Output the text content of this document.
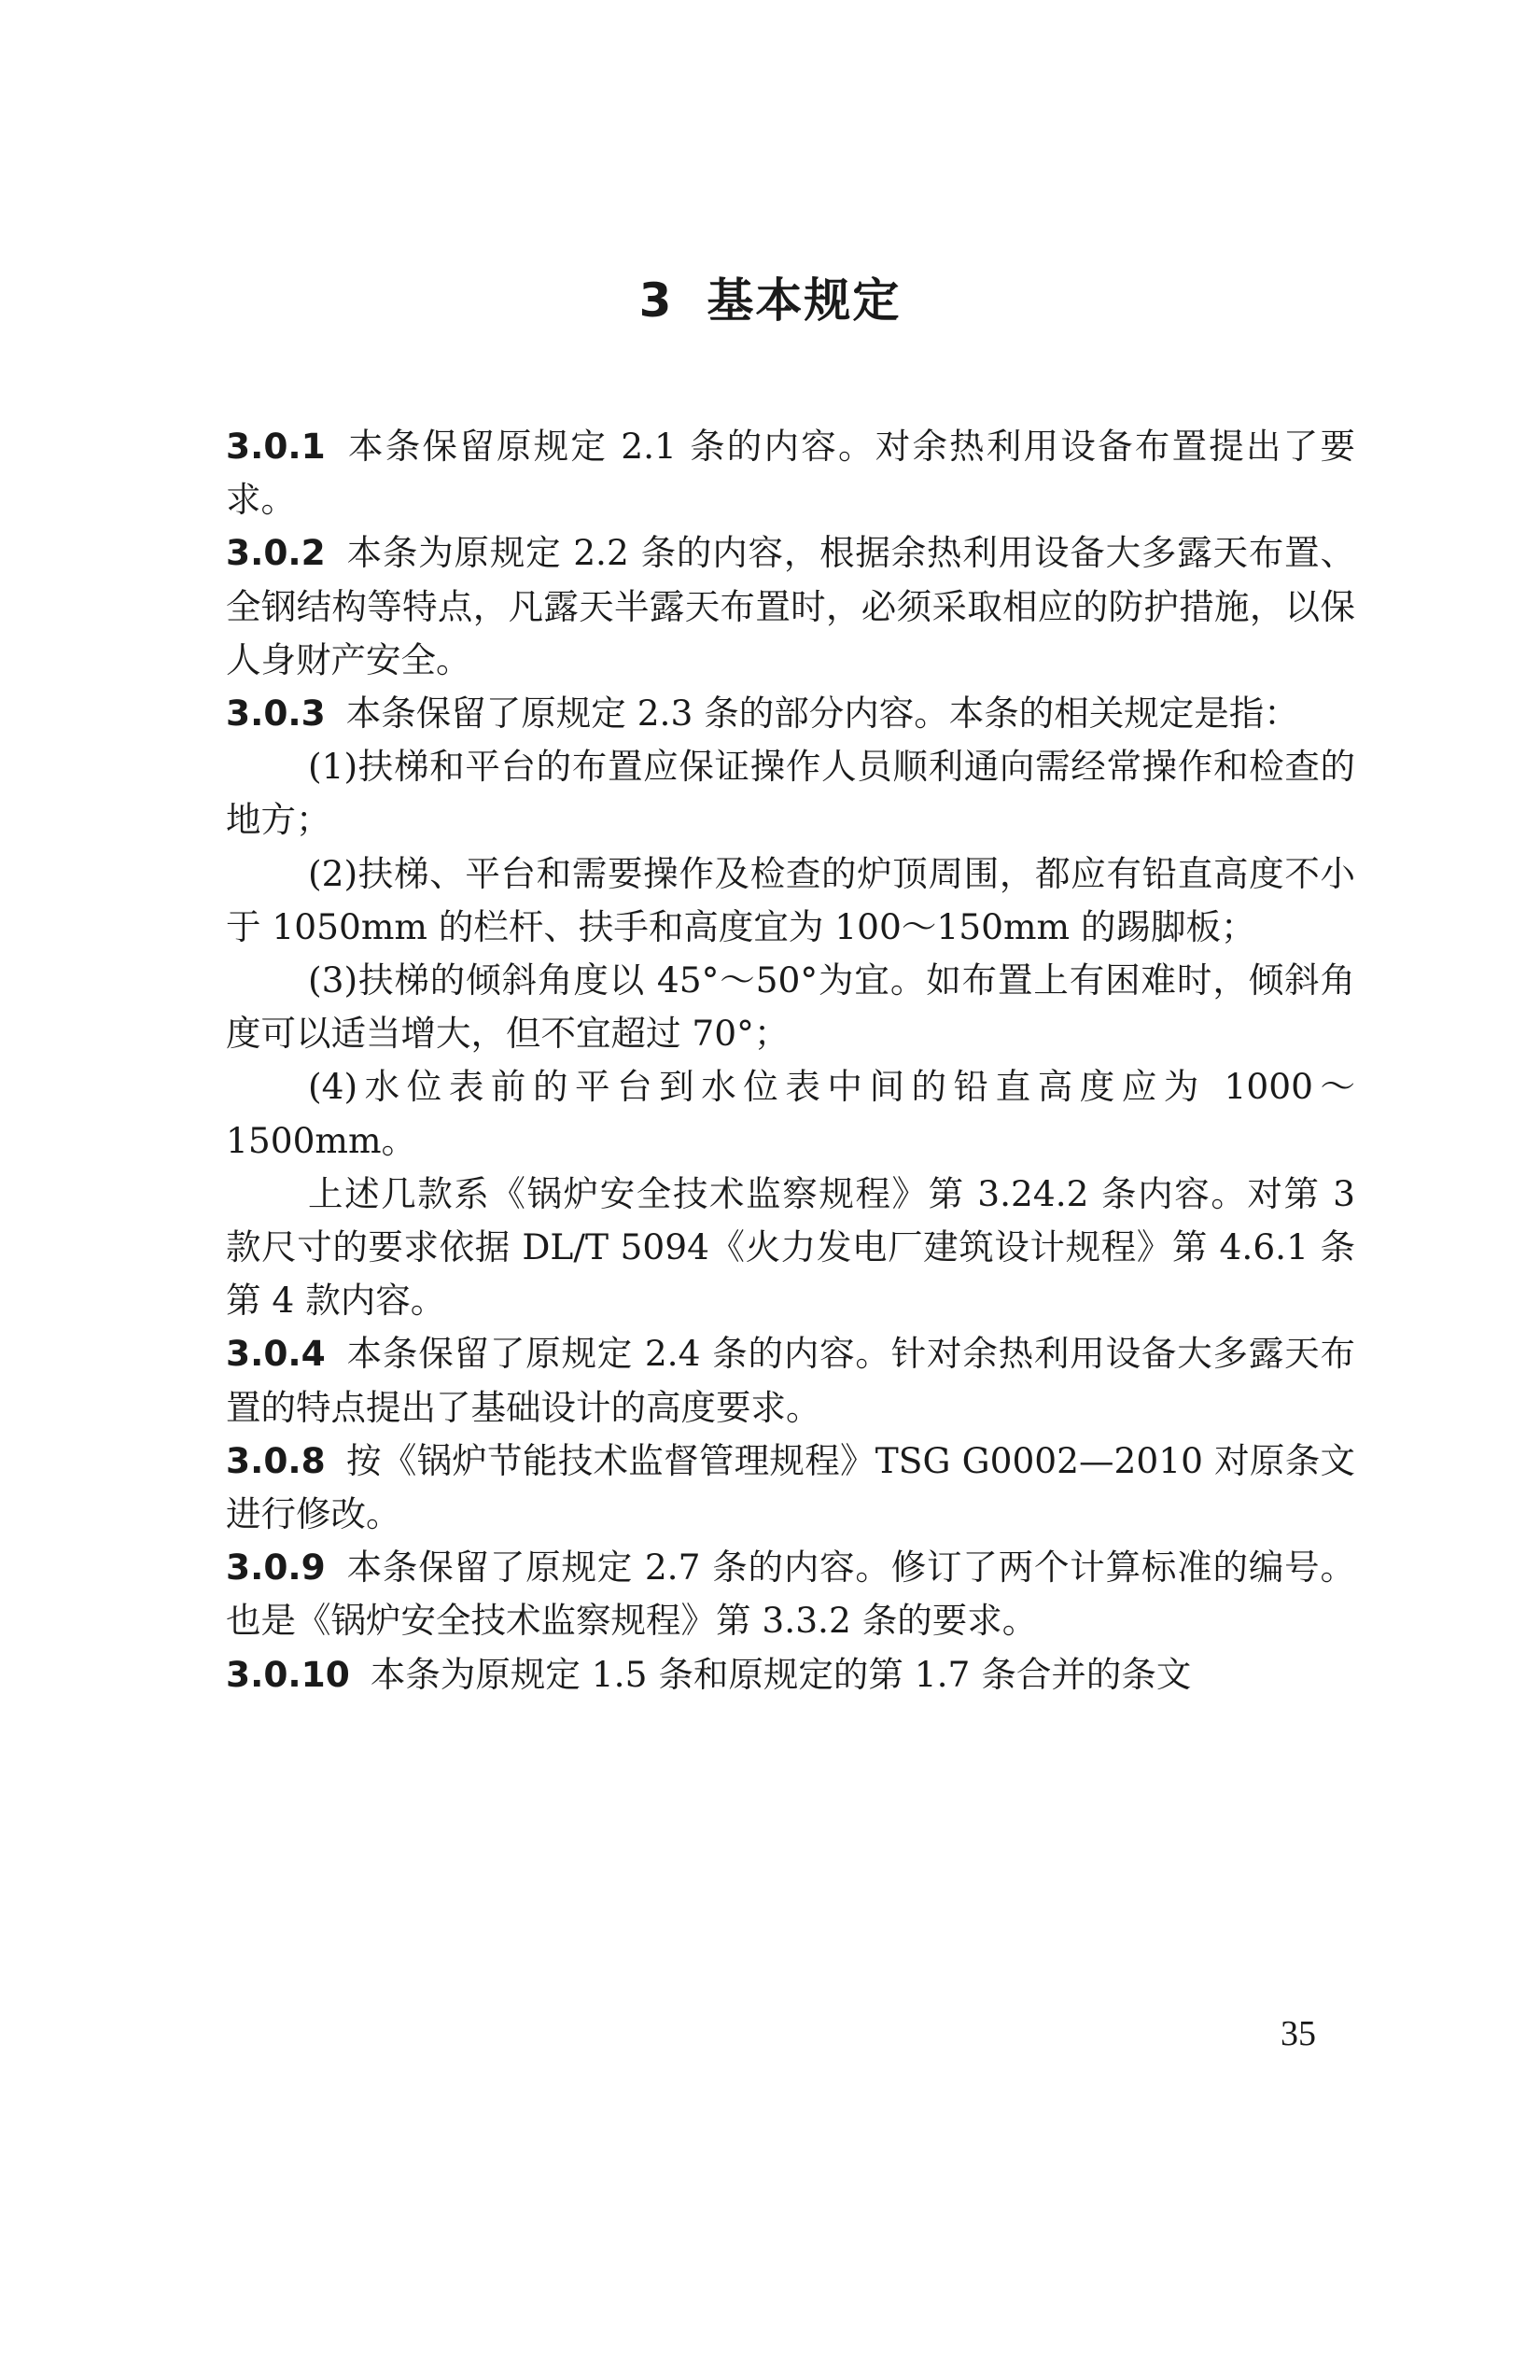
3 基本规定

3.0.1 本条保留原规定 2.1 条的内容。对余热利用设备布置提出了要求。

3.0.2 本条为原规定 2.2 条的内容，根据余热利用设备大多露天布置、全钢结构等特点，凡露天半露天布置时，必须采取相应的防护措施，以保人身财产安全。

3.0.3 本条保留了原规定 2.3 条的部分内容。本条的相关规定是指：

(1)扶梯和平台的布置应保证操作人员顺利通向需经常操作和检查的地方；

(2)扶梯、平台和需要操作及检查的炉顶周围，都应有铅直高度不小于 1050mm 的栏杆、扶手和高度宜为 100～150mm 的踢脚板；

(3)扶梯的倾斜角度以 45°～50°为宜。如布置上有困难时，倾斜角度可以适当增大，但不宜超过 70°；

(4)水位表前的平台到水位表中间的铅直高度应为 1000～1500mm。

上述几款系《锅炉安全技术监察规程》第 3.24.2 条内容。对第 3 款尺寸的要求依据 DL/T 5094《火力发电厂建筑设计规程》第 4.6.1 条第 4 款内容。

3.0.4 本条保留了原规定 2.4 条的内容。针对余热利用设备大多露天布置的特点提出了基础设计的高度要求。

3.0.8 按《锅炉节能技术监督管理规程》TSG G0002—2010 对原条文进行修改。

3.0.9 本条保留了原规定 2.7 条的内容。修订了两个计算标准的编号。也是《锅炉安全技术监察规程》第 3.3.2 条的要求。

3.0.10 本条为原规定 1.5 条和原规定的第 1.7 条合并的条文

35
